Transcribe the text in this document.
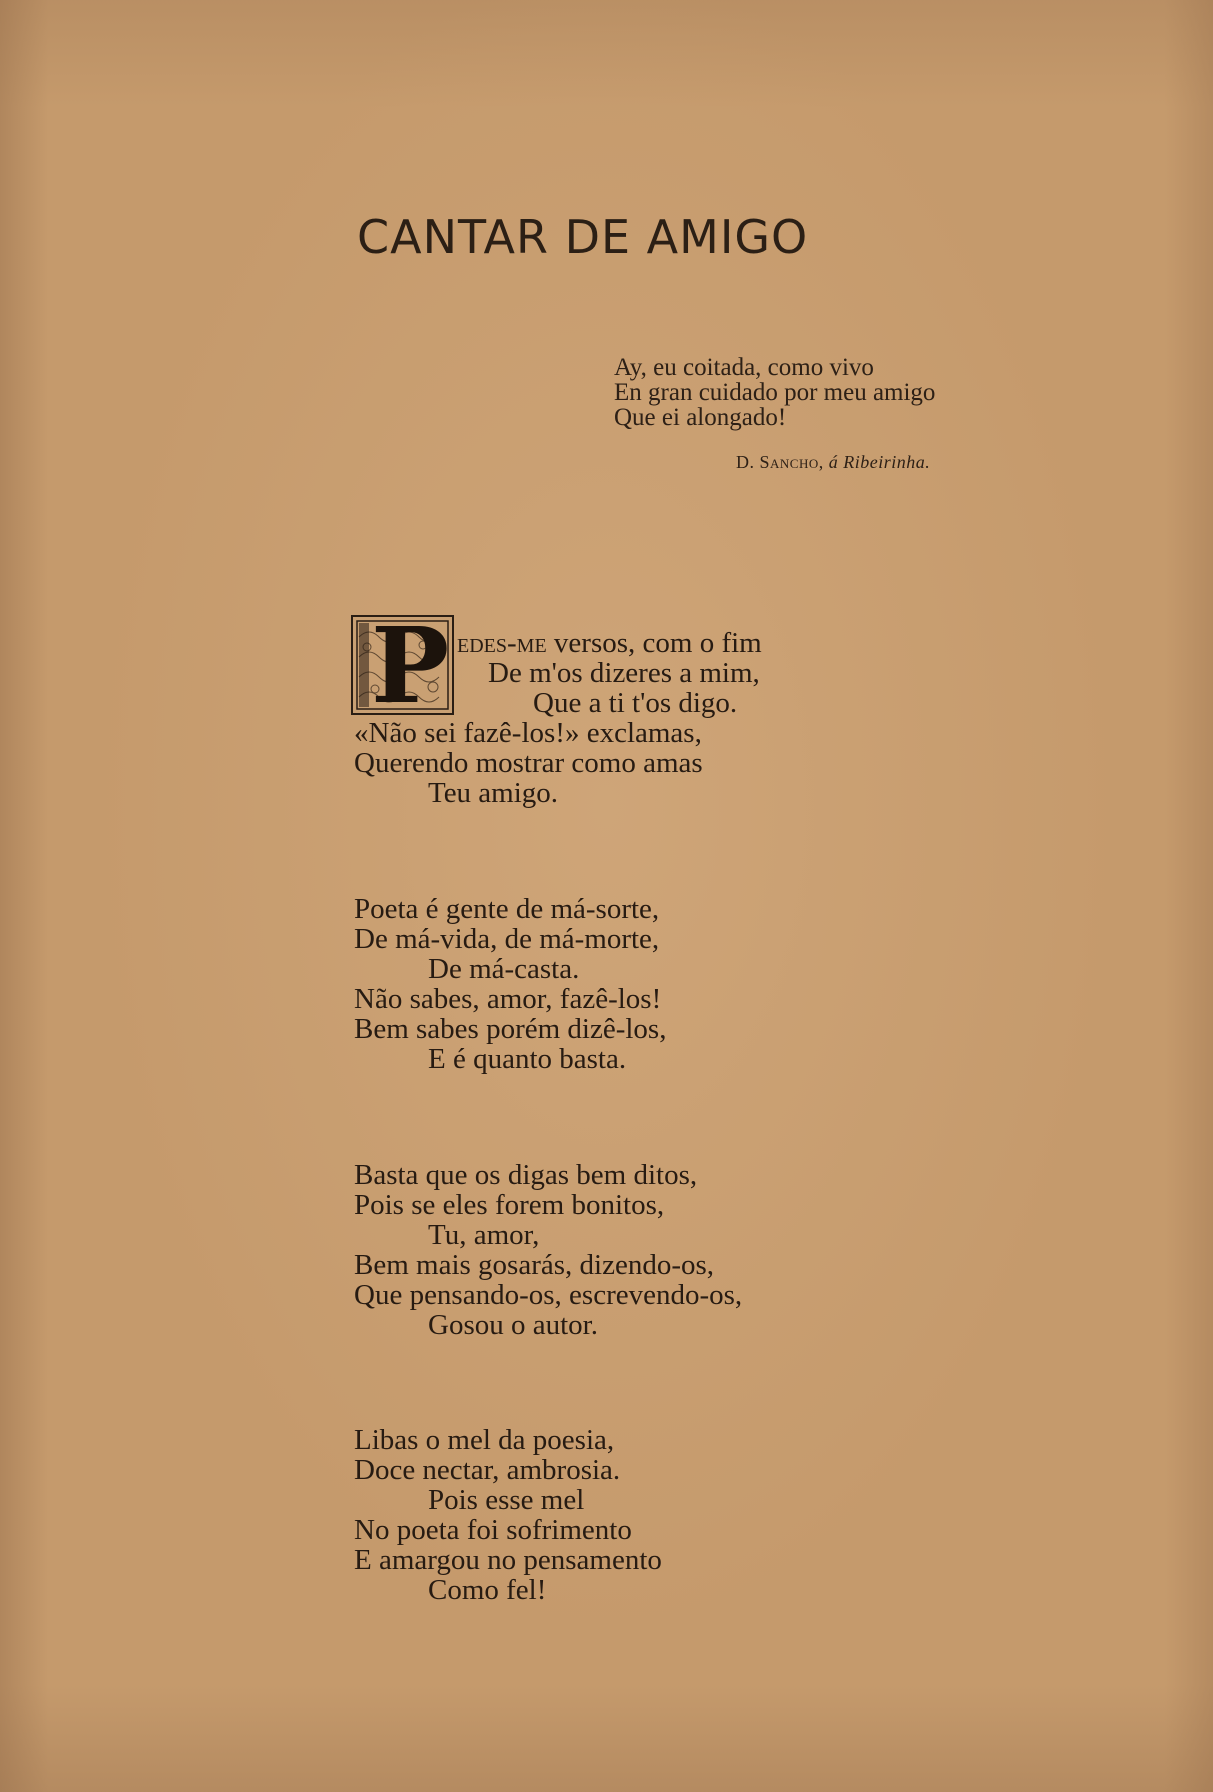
CANTAR DE AMIGO
Ay, eu coitada, como vivo
En gran cuidado por meu amigo
Que ei alongado!
D. Sancho, á Ribeirinha.
P edes-me versos, com o fim
De m'os dizeres a mim,
Que a ti t'os digo.
«Não sei fazê-los!» exclamas,
Querendo mostrar como amas
Teu amigo.
Poeta é gente de má-sorte,
De má-vida, de má-morte,
De má-casta.
Não sabes, amor, fazê-los!
Bem sabes porém dizê-los,
E é quanto basta.
Basta que os digas bem ditos,
Pois se eles forem bonitos,
Tu, amor,
Bem mais gosarás, dizendo-os,
Que pensando-os, escrevendo-os,
Gosou o autor.
Libas o mel da poesia,
Doce nectar, ambrosia.
Pois esse mel
No poeta foi sofrimento
E amargou no pensamento
Como fel!
